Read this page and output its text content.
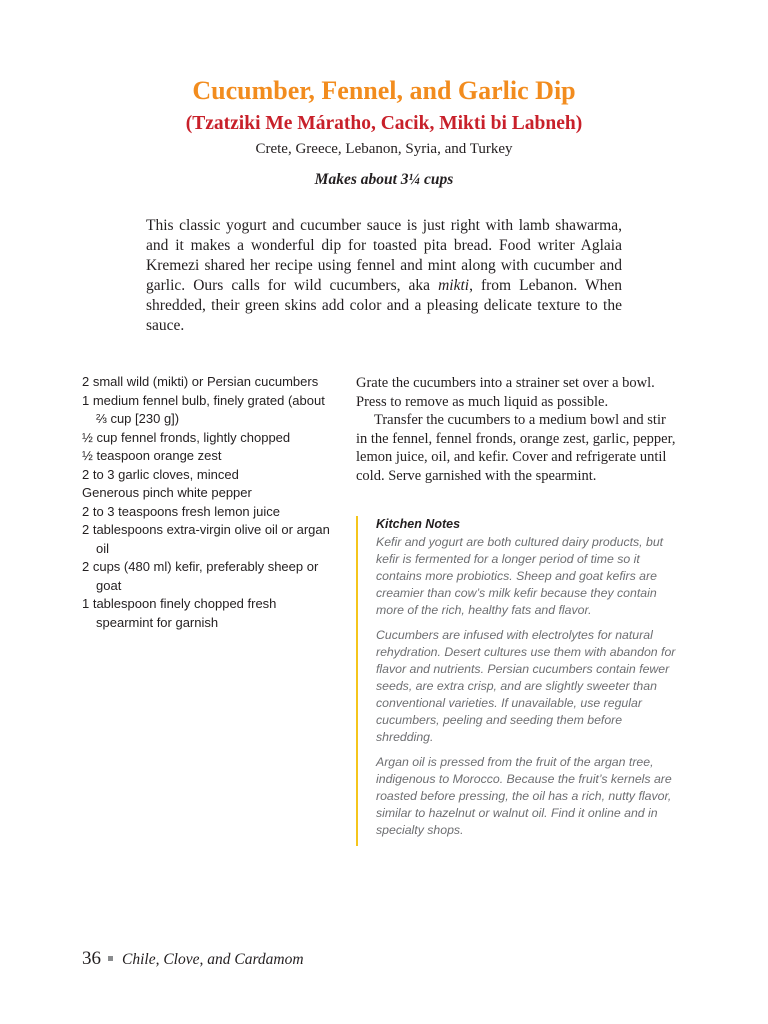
Cucumber, Fennel, and Garlic Dip
(Tzatziki Me Máratho, Cacik, Mikti bi Labneh)

Crete, Greece, Lebanon, Syria, and Turkey

Makes about 3¼ cups

This classic yogurt and cucumber sauce is just right with lamb shawarma, and it makes a wonderful dip for toasted pita bread. Food writer Aglaia Kremezi shared her recipe using fennel and mint along with cucumber and garlic. Ours calls for wild cucumbers, aka mikti, from Lebanon. When shredded, their green skins add color and a pleasing delicate texture to the sauce.

2 small wild (mikti) or Persian cucumbers
1 medium fennel bulb, finely grated (about ⅔ cup [230 g])
½ cup fennel fronds, lightly chopped
½ teaspoon orange zest
2 to 3 garlic cloves, minced
Generous pinch white pepper
2 to 3 teaspoons fresh lemon juice
2 tablespoons extra-virgin olive oil or argan oil
2 cups (480 ml) kefir, preferably sheep or goat
1 tablespoon finely chopped fresh spearmint for garnish

Grate the cucumbers into a strainer set over a bowl. Press to remove as much liquid as possible.

Transfer the cucumbers to a medium bowl and stir in the fennel, fennel fronds, orange zest, garlic, pepper, lemon juice, oil, and kefir. Cover and refrigerate until cold. Serve garnished with the spearmint.

Kitchen Notes

Kefir and yogurt are both cultured dairy products, but kefir is fermented for a longer period of time so it contains more probiotics. Sheep and goat kefirs are creamier than cow’s milk kefir because they contain more of the rich, healthy fats and flavor.

Cucumbers are infused with electrolytes for natural rehydration. Desert cultures use them with abandon for flavor and nutrients. Persian cucumbers contain fewer seeds, are extra crisp, and are slightly sweeter than conventional varieties. If unavailable, use regular cucumbers, peeling and seeding them before shredding.

Argan oil is pressed from the fruit of the argan tree, indigenous to Morocco. Because the fruit’s kernels are roasted before pressing, the oil has a rich, nutty flavor, similar to hazelnut or walnut oil. Find it online and in specialty shops.

36 Chile, Clove, and Cardamom
